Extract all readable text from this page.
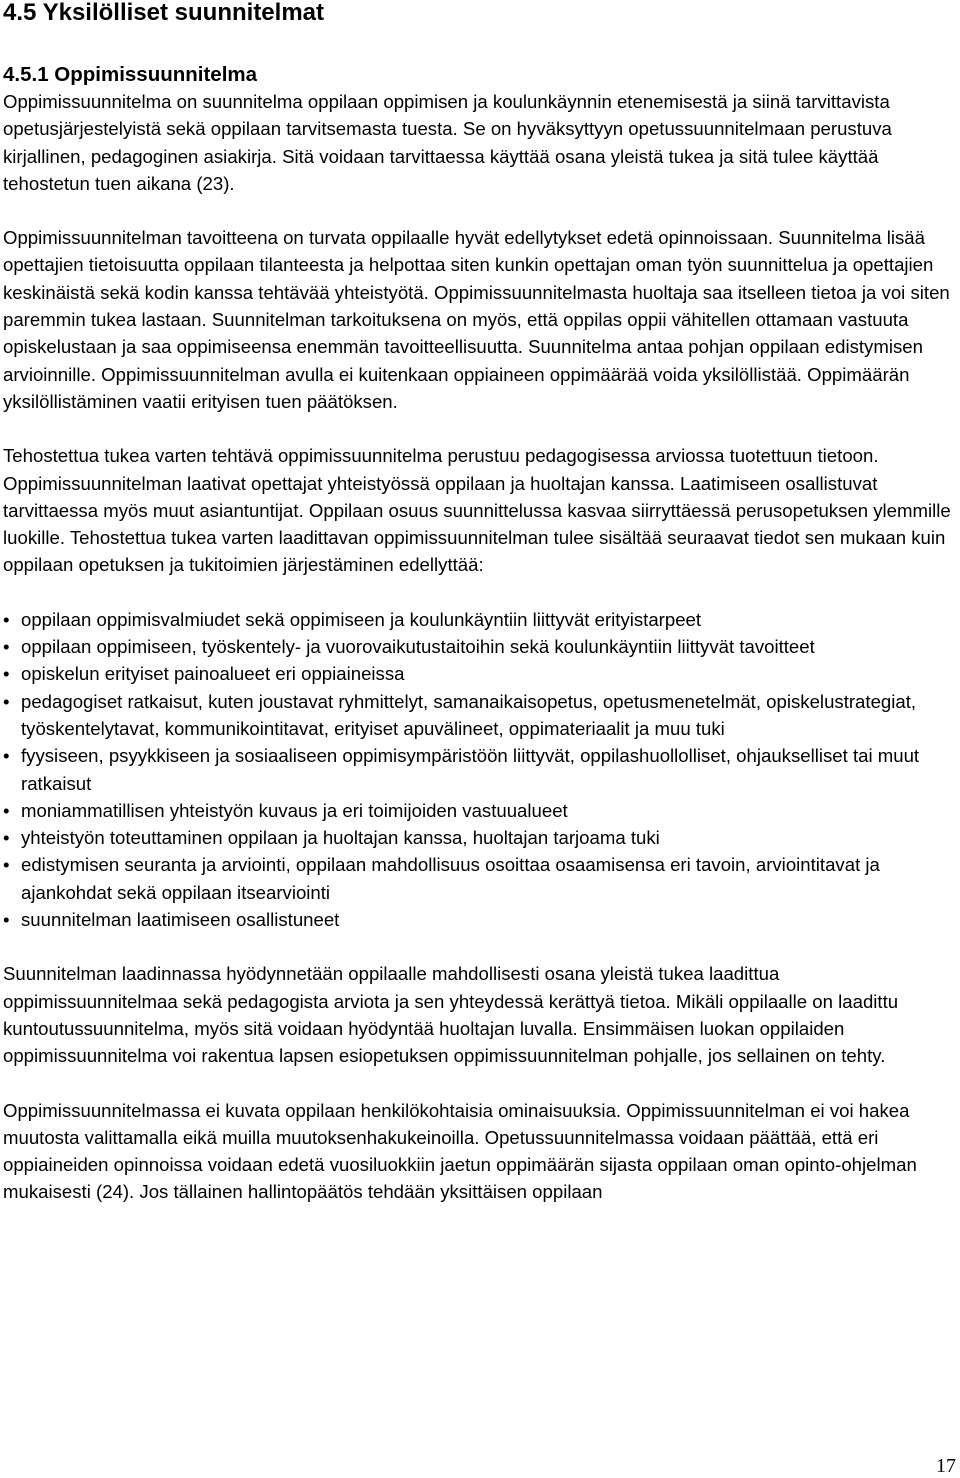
4.5 Yksilölliset suunnitelmat
4.5.1 Oppimissuunnitelma

Oppimissuunnitelma on suunnitelma oppilaan oppimisen ja koulunkäynnin etenemisestä ja siinä tarvittavista opetusjärjestelyistä sekä oppilaan tarvitsemasta tuesta. Se on hyväksyttyyn opetussuunnitelmaan perustuva kirjallinen, pedagoginen asiakirja. Sitä voidaan tarvittaessa käyttää osana yleistä tukea ja sitä tulee käyttää tehostetun tuen aikana (23).

Oppimissuunnitelman tavoitteena on turvata oppilaalle hyvät edellytykset edetä opinnoissaan. Suunnitelma lisää opettajien tietoisuutta oppilaan tilanteesta ja helpottaa siten kunkin opettajan oman työn suunnittelua ja opettajien keskinäistä sekä kodin kanssa tehtävää yhteistyötä. Oppimissuunnitelmasta huoltaja saa itselleen tietoa ja voi siten paremmin tukea lastaan. Suunnitelman tarkoituksena on myös, että oppilas oppii vähitellen ottamaan vastuuta opiskelustaan ja saa oppimiseensa enemmän tavoitteellisuutta. Suunnitelma antaa pohjan oppilaan edistymisen arvioinnille. Oppimissuunnitelman avulla ei kuitenkaan oppiaineen oppimäärää voida yksilöllistää. Oppimäärän yksilöllistäminen vaatii erityisen tuen päätöksen.

Tehostettua tukea varten tehtävä oppimissuunnitelma perustuu pedagogisessa arviossa tuotettuun tietoon. Oppimissuunnitelman laativat opettajat yhteistyössä oppilaan ja huoltajan kanssa. Laatimiseen osallistuvat tarvittaessa myös muut asiantuntijat. Oppilaan osuus suunnittelussa kasvaa siirryttäessä perusopetuksen ylemmille luokille. Tehostettua tukea varten laadittavan oppimissuunnitelman tulee sisältää seuraavat tiedot sen mukaan kuin oppilaan opetuksen ja tukitoimien järjestäminen edellyttää:

• oppilaan oppimisvalmiudet sekä oppimiseen ja koulunkäyntiin liittyvät erityistarpeet
• oppilaan oppimiseen, työskentely- ja vuorovaikutustaitoihin sekä koulunkäyntiin liittyvät tavoitteet
• opiskelun erityiset painoalueet eri oppiaineissa
• pedagogiset ratkaisut, kuten joustavat ryhmittelyt, samanaikaisopetus, opetusmenetelmät, opiskelustrategiat, työskentelytavat, kommunikointitavat, erityiset apuvälineet, oppimateriaalit ja muu tuki
• fyysiseen, psyykkiseen ja sosiaaliseen oppimisympäristöön liittyvät, oppilashuollolliset, ohjaukselliset tai muut ratkaisut
• moniammatillisen yhteistyön kuvaus ja eri toimijoiden vastuualueet
• yhteistyön toteuttaminen oppilaan ja huoltajan kanssa, huoltajan tarjoama tuki
• edistymisen seuranta ja arviointi, oppilaan mahdollisuus osoittaa osaamisensa eri tavoin, arviointitavat ja ajankohdat sekä oppilaan itsearviointi
• suunnitelman laatimiseen osallistuneet

Suunnitelman laadinnassa hyödynnetään oppilaalle mahdollisesti osana yleistä tukea laadittua oppimissuunnitelmaa sekä pedagogista arviota ja sen yhteydessä kerättyä tietoa. Mikäli oppilaalle on laadittu kuntoutussuunnitelma, myös sitä voidaan hyödyntää huoltajan luvalla. Ensimmäisen luokan oppilaiden oppimissuunnitelma voi rakentua lapsen esiopetuksen oppimissuunnitelman pohjalle, jos sellainen on tehty.

Oppimissuunnitelmassa ei kuvata oppilaan henkilökohtaisia ominaisuuksia. Oppimissuunnitelman ei voi hakea muutosta valittamalla eikä muilla muutoksenhakukeinoilla. Opetussuunnitelmassa voidaan päättää, että eri oppiaineiden opinnoissa voidaan edetä vuosiluokkiin jaetun oppimäärän sijasta oppilaan oman opinto-ohjelman mukaisesti (24). Jos tällainen hallintopäätös tehdään yksittäisen oppilaan

17
